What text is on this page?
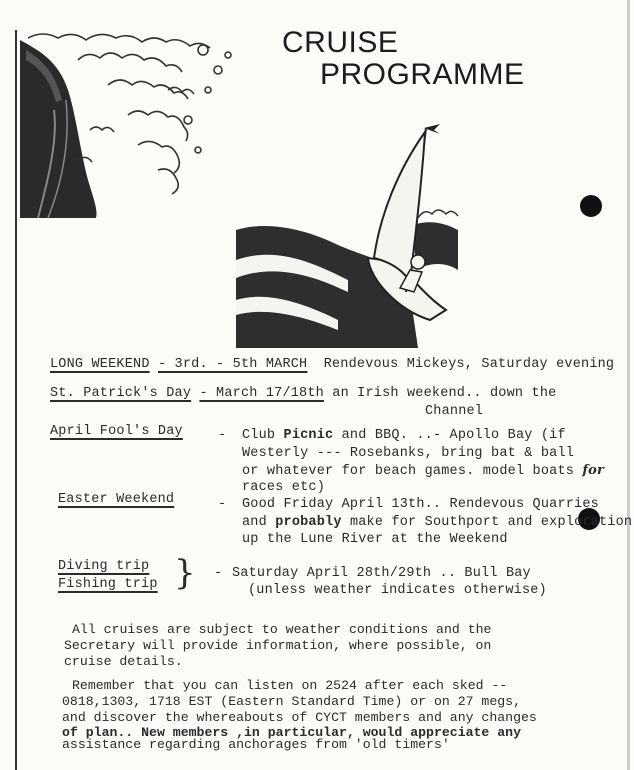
CRUISE
PROGRAMME
LONG WEEKEND - 3rd. - 5th MARCH Rendevous Mickeys, Saturday evening
St. Patrick's Day - March 17/18th an Irish weekend.. down the
Channel
April Fool's Day	- Club Picnic and BBQ. ..- Apollo Bay (if
Westerly --- Rosebanks, bring bat & ball
or whatever for beach games. model boats for
races etc)
Easter Weekend	- Good Friday April 13th.. Rendevous Quarries
and probably make for Southport and exploration
up the Lune River at the Weekend
Diving trip
Fishing trip } - Saturday April 28th/29th .. Bull Bay
(unless weather indicates otherwise)
All cruises are subject to weather conditions and the
Secretary will provide information, where possible, on
cruise details.
Remember that you can listen on 2524 after each sked --
0818,1303, 1718 EST (Eastern Standard Time) or on 27 megs,
and discover the whereabouts of CYCT members and any changes
of plan.. New members ,in particular, would appreciate any
assistance regarding anchorages from 'old timers'
